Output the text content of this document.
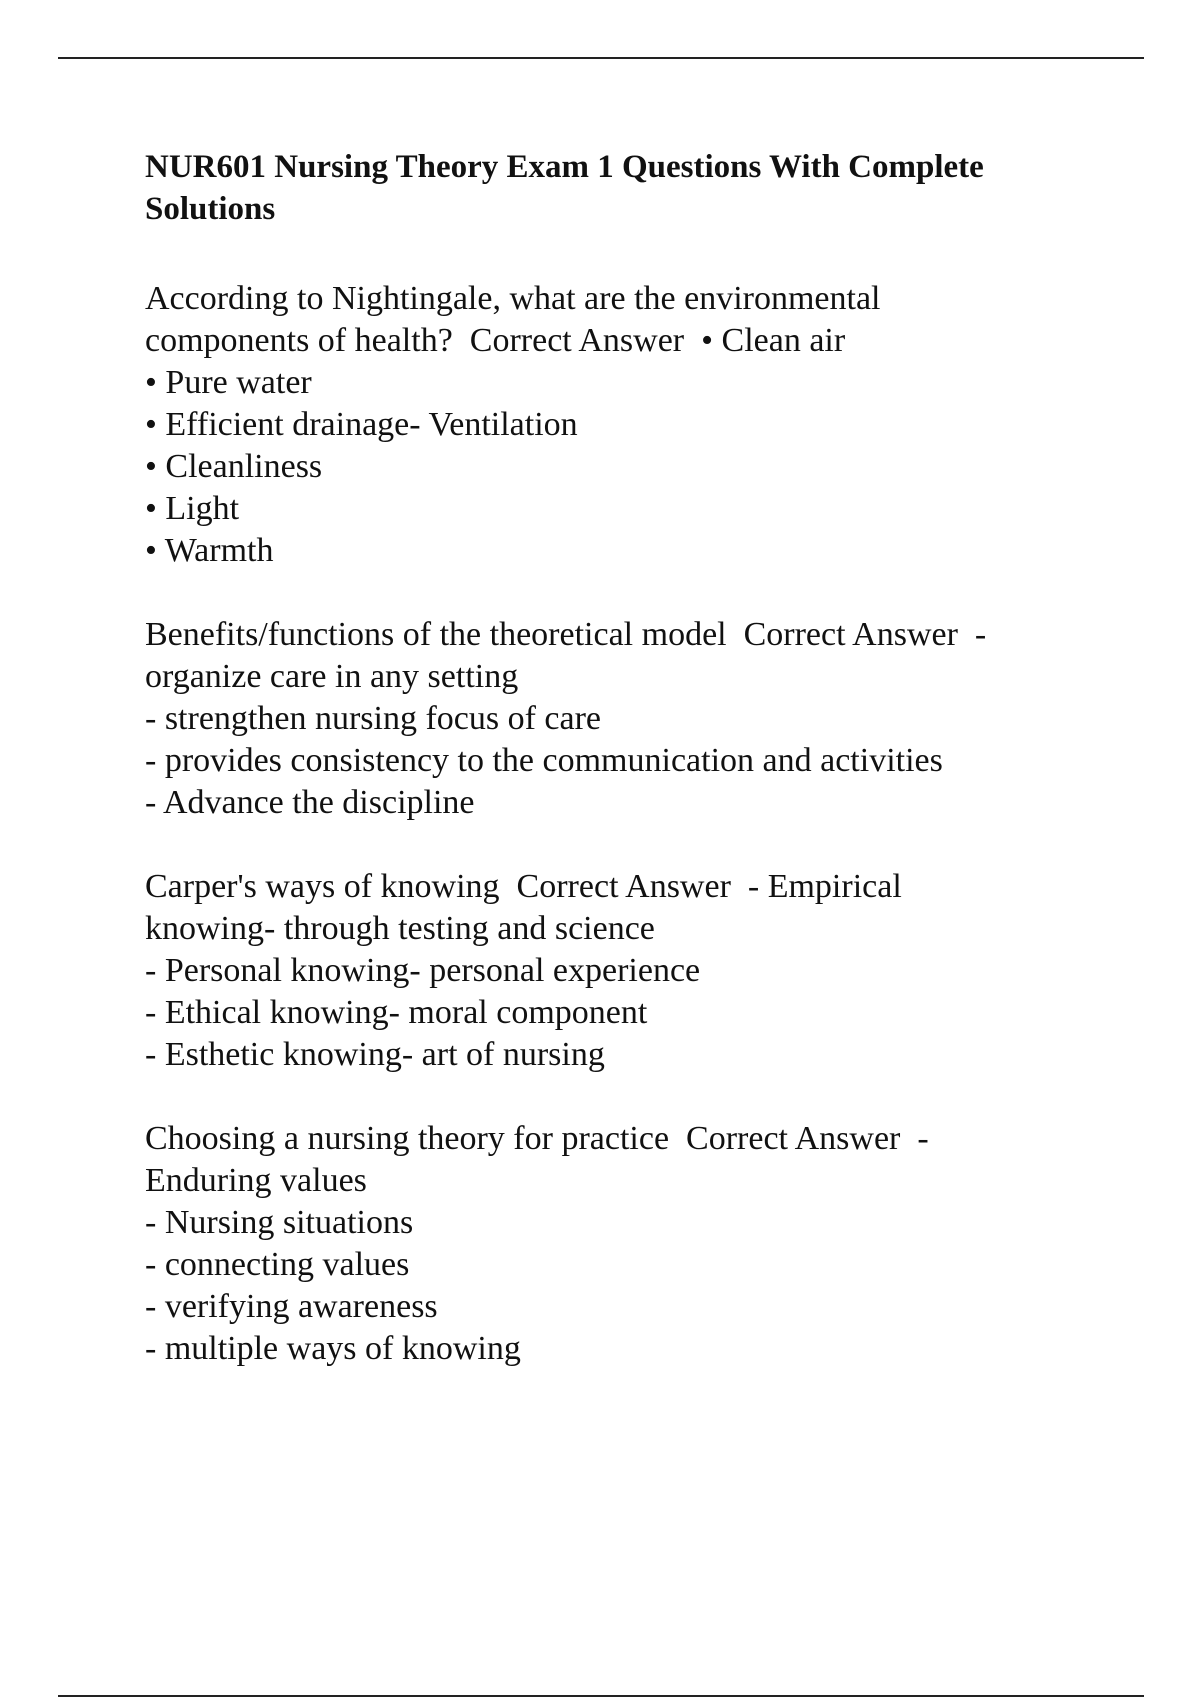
NUR601 Nursing Theory Exam 1 Questions With Complete Solutions
According to Nightingale, what are the environmental
components of health?  Correct Answer  • Clean air
• Pure water
• Efficient drainage- Ventilation
• Cleanliness
• Light
• Warmth
Benefits/functions of the theoretical model  Correct Answer  -
organize care in any setting
- strengthen nursing focus of care
- provides consistency to the communication and activities
- Advance the discipline
Carper's ways of knowing  Correct Answer  - Empirical
knowing- through testing and science
- Personal knowing- personal experience
- Ethical knowing- moral component
- Esthetic knowing- art of nursing
Choosing a nursing theory for practice  Correct Answer  -
Enduring values
- Nursing situations
- connecting values
- verifying awareness
- multiple ways of knowing
